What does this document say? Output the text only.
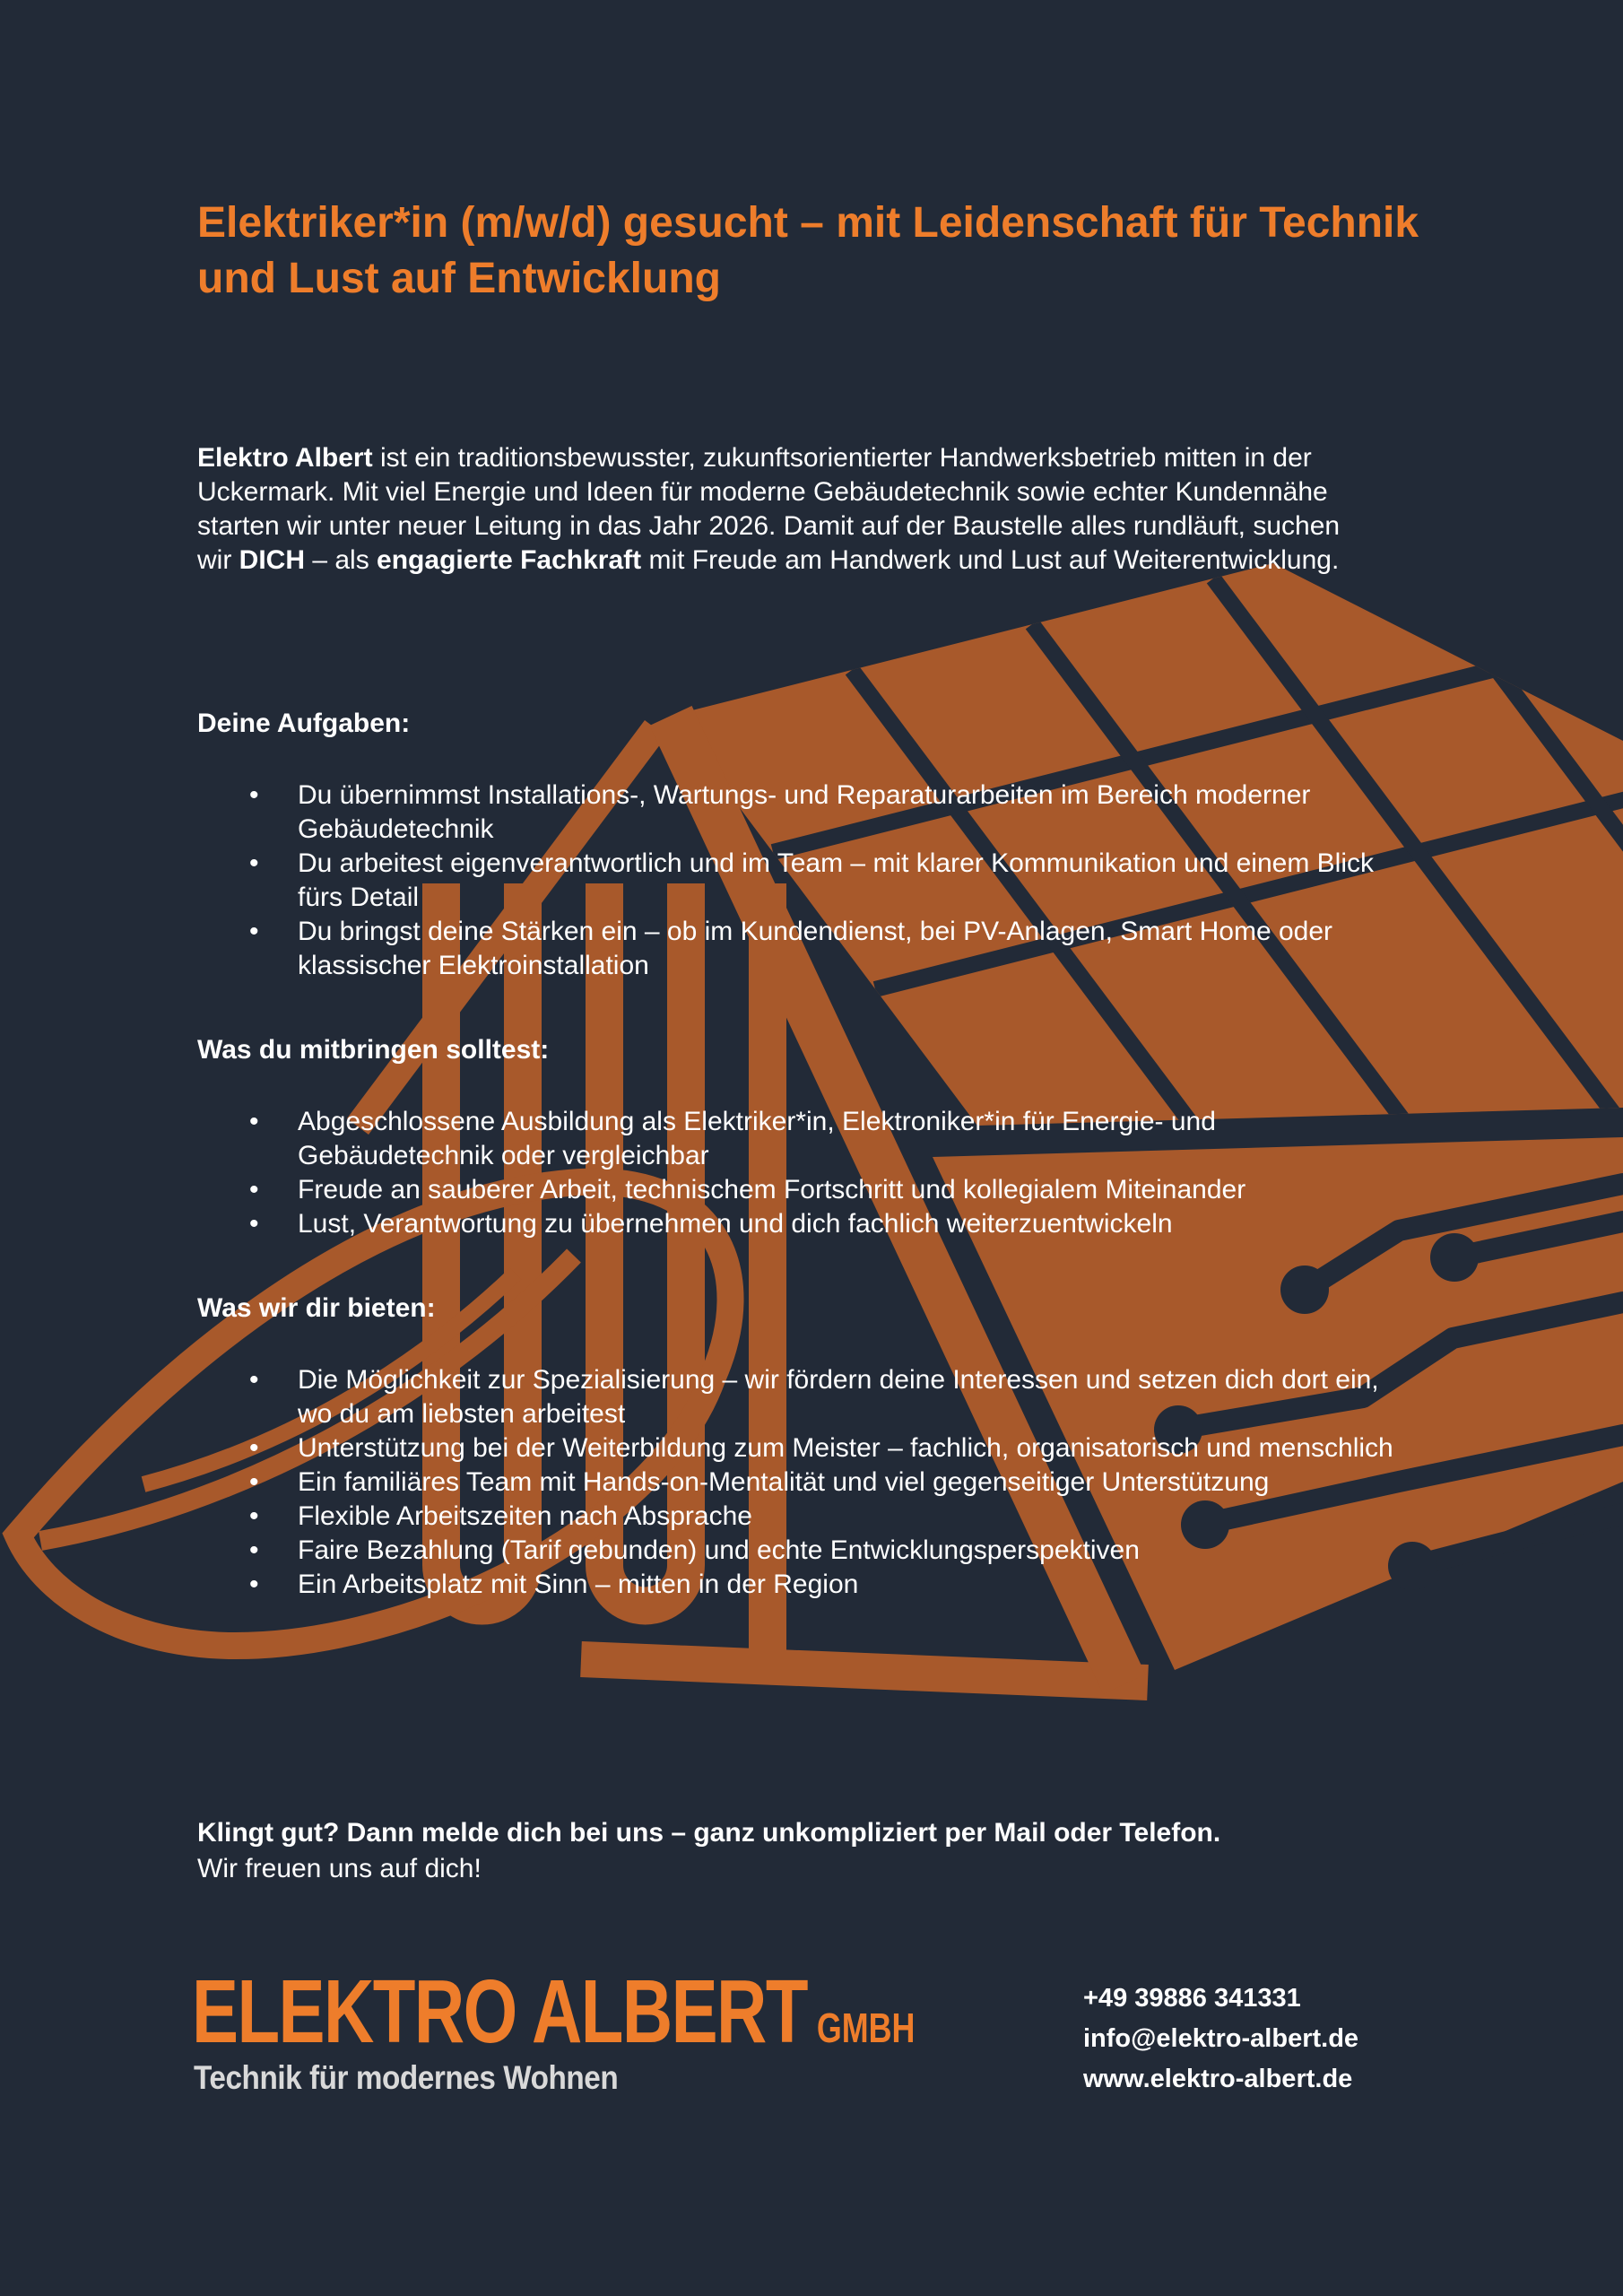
Elektriker*in (m/w/d) gesucht – mit Leidenschaft für Technik und Lust auf Entwicklung

Elektro Albert ist ein traditionsbewusster, zukunftsorientierter Handwerksbetrieb mitten in der Uckermark. Mit viel Energie und Ideen für moderne Gebäudetechnik sowie echter Kundennähe starten wir unter neuer Leitung in das Jahr 2026. Damit auf der Baustelle alles rundläuft, suchen wir DICH – als engagierte Fachkraft mit Freude am Handwerk und Lust auf Weiterentwicklung.

Deine Aufgaben:
• Du übernimmst Installations-, Wartungs- und Reparaturarbeiten im Bereich moderner Gebäudetechnik
• Du arbeitest eigenverantwortlich und im Team – mit klarer Kommunikation und einem Blick fürs Detail
• Du bringst deine Stärken ein – ob im Kundendienst, bei PV-Anlagen, Smart Home oder klassischer Elektroinstallation
Was du mitbringen solltest:
• Abgeschlossene Ausbildung als Elektriker*in, Elektroniker*in für Energie- und Gebäudetechnik oder vergleichbar
• Freude an sauberer Arbeit, technischem Fortschritt und kollegialem Miteinander
• Lust, Verantwortung zu übernehmen und dich fachlich weiterzuentwickeln
Was wir dir bieten:
• Die Möglichkeit zur Spezialisierung – wir fördern deine Interessen und setzen dich dort ein, wo du am liebsten arbeitest
• Unterstützung bei der Weiterbildung zum Meister – fachlich, organisatorisch und menschlich
• Ein familiäres Team mit Hands-on-Mentalität und viel gegenseitiger Unterstützung
• Flexible Arbeitszeiten nach Absprache
• Faire Bezahlung (Tarif gebunden) und echte Entwicklungsperspektiven
• Ein Arbeitsplatz mit Sinn – mitten in der Region
Klingt gut? Dann melde dich bei uns – ganz unkompliziert per Mail oder Telefon.
Wir freuen uns auf dich!
ELEKTRO ALBERT GMBH
Technik für modernes Wohnen
+49 39886 341331
info@elektro-albert.de
www.elektro-albert.de
